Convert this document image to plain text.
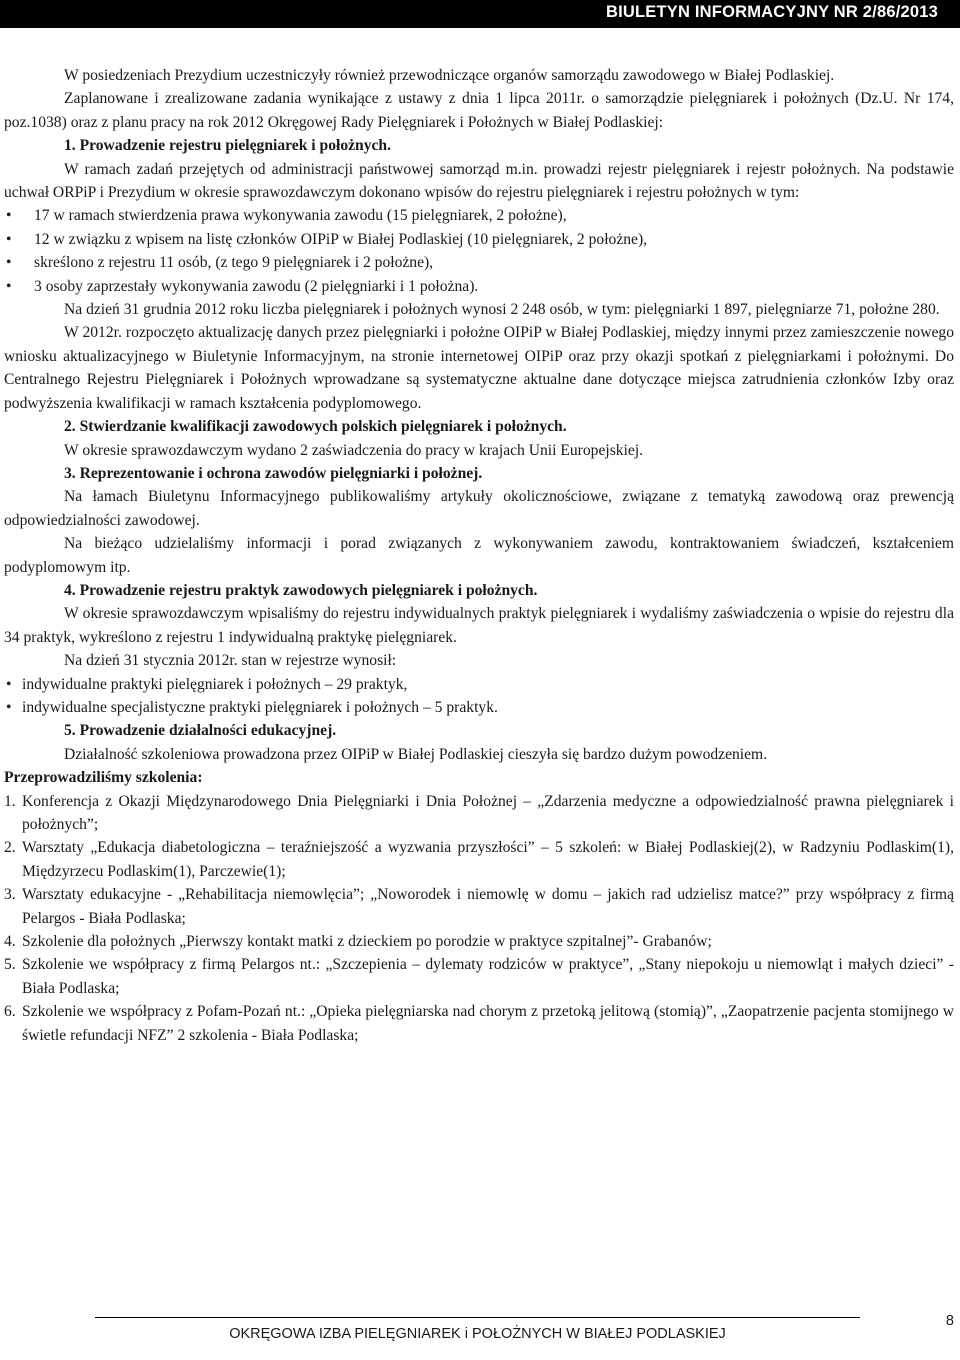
BIULETYN INFORMACYJNY NR 2/86/2013

W posiedzeniach Prezydium uczestniczyły również przewodniczące organów samorządu zawodowego w Białej Podlaskiej.

Zaplanowane i zrealizowane zadania wynikające z ustawy z dnia 1 lipca 2011r. o samorządzie pielęgniarek i położnych (Dz.U. Nr 174, poz.1038) oraz z planu pracy na rok 2012 Okręgowej Rady Pielęgniarek i Położnych w Białej Podlaskiej:

1. Prowadzenie rejestru pielęgniarek i położnych.

W ramach zadań przejętych od administracji państwowej samorząd m.in. prowadzi rejestr pielęgniarek i rejestr położnych. Na podstawie uchwał ORPiP i Prezydium w okresie sprawozdawczym dokonano wpisów do rejestru pielęgniarek i rejestru położnych w tym:

• 17 w ramach stwierdzenia prawa wykonywania zawodu (15 pielęgniarek, 2 położne),

• 12 w związku z wpisem na listę członków OIPiP w Białej Podlaskiej (10 pielęgniarek, 2 położne),

• skreślono z rejestru 11 osób, (z tego 9 pielęgniarek i 2 położne),

• 3 osoby zaprzestały wykonywania zawodu (2 pielęgniarki i 1 położna).

Na dzień 31 grudnia 2012 roku liczba pielęgniarek i położnych wynosi 2 248 osób, w tym: pielęgniarki 1 897, pielęgniarze 71, położne 280.

W 2012r. rozpoczęto aktualizację danych przez pielęgniarki i położne OIPiP w Białej Podlaskiej, między innymi przez zamieszczenie nowego wniosku aktualizacyjnego w Biuletynie Informacyjnym, na stronie internetowej OIPiP oraz przy okazji spotkań z pielęgniarkami i położnymi. Do Centralnego Rejestru Pielęgniarek i Położnych wprowadzane są systematyczne aktualne dane dotyczące miejsca zatrudnienia członków Izby oraz podwyższenia kwalifikacji w ramach kształcenia podyplomowego.

2. Stwierdzanie kwalifikacji zawodowych polskich pielęgniarek i położnych.

W okresie sprawozdawczym wydano 2 zaświadczenia do pracy w krajach Unii Europejskiej.

3. Reprezentowanie i ochrona zawodów pielęgniarki i położnej.

Na łamach Biuletynu Informacyjnego publikowaliśmy artykuły okolicznościowe, związane z tematyką zawodową oraz prewencją odpowiedzialności zawodowej.

Na bieżąco udzielaliśmy informacji i porad związanych z wykonywaniem zawodu, kontraktowaniem świadczeń, kształceniem podyplomowym itp.

4. Prowadzenie rejestru praktyk zawodowych pielęgniarek i położnych.

W okresie sprawozdawczym wpisaliśmy do rejestru indywidualnych praktyk pielęgniarek i wydaliśmy zaświadczenia o wpisie do rejestru dla 34 praktyk, wykreślono z rejestru 1 indywidualną praktykę pielęgniarek.

Na dzień 31 stycznia 2012r. stan w rejestrze wynosił:

• indywidualne praktyki pielęgniarek i położnych – 29 praktyk,

• indywidualne specjalistyczne praktyki pielęgniarek i położnych – 5 praktyk.

5. Prowadzenie działalności edukacyjnej.

Działalność szkoleniowa prowadzona przez OIPiP w Białej Podlaskiej cieszyła się bardzo dużym powodzeniem.

Przeprowadziliśmy szkolenia:

1. Konferencja z Okazji Międzynarodowego Dnia Pielęgniarki i Dnia Położnej – „Zdarzenia medyczne a odpowiedzialność prawna pielęgniarek i położnych”;

2. Warsztaty „Edukacja diabetologiczna – teraźniejszość a wyzwania przyszłości” – 5 szkoleń: w Białej Podlaskiej(2), w Radzyniu Podlaskim(1), Międzyrzecu Podlaskim(1), Parczewie(1);

3. Warsztaty edukacyjne - „Rehabilitacja niemowlęcia”; „Noworodek i niemowlę w domu – jakich rad udzielisz matce?” przy współpracy z firmą Pelargos - Biała Podlaska;

4. Szkolenie dla położnych „Pierwszy kontakt matki z dzieckiem po porodzie w praktyce szpitalnej”- Grabanów;

5. Szkolenie we współpracy z firmą Pelargos nt.: „Szczepienia – dylematy rodziców w praktyce”, „Stany niepokoju u niemowląt i małych dzieci” - Biała Podlaska;

6. Szkolenie we współpracy z Pofam-Pozań nt.: „Opieka pielęgniarska nad chorym z przetoką jelitową (stomią)”, „Zaopatrzenie pacjenta stomijnego w świetle refundacji NFZ” 2 szkolenia - Biała Podlaska;

OKRĘGOWA IZBA PIELĘGNIAREK i POŁOŻNYCH W BIAŁEJ PODLASKIEJ
8
